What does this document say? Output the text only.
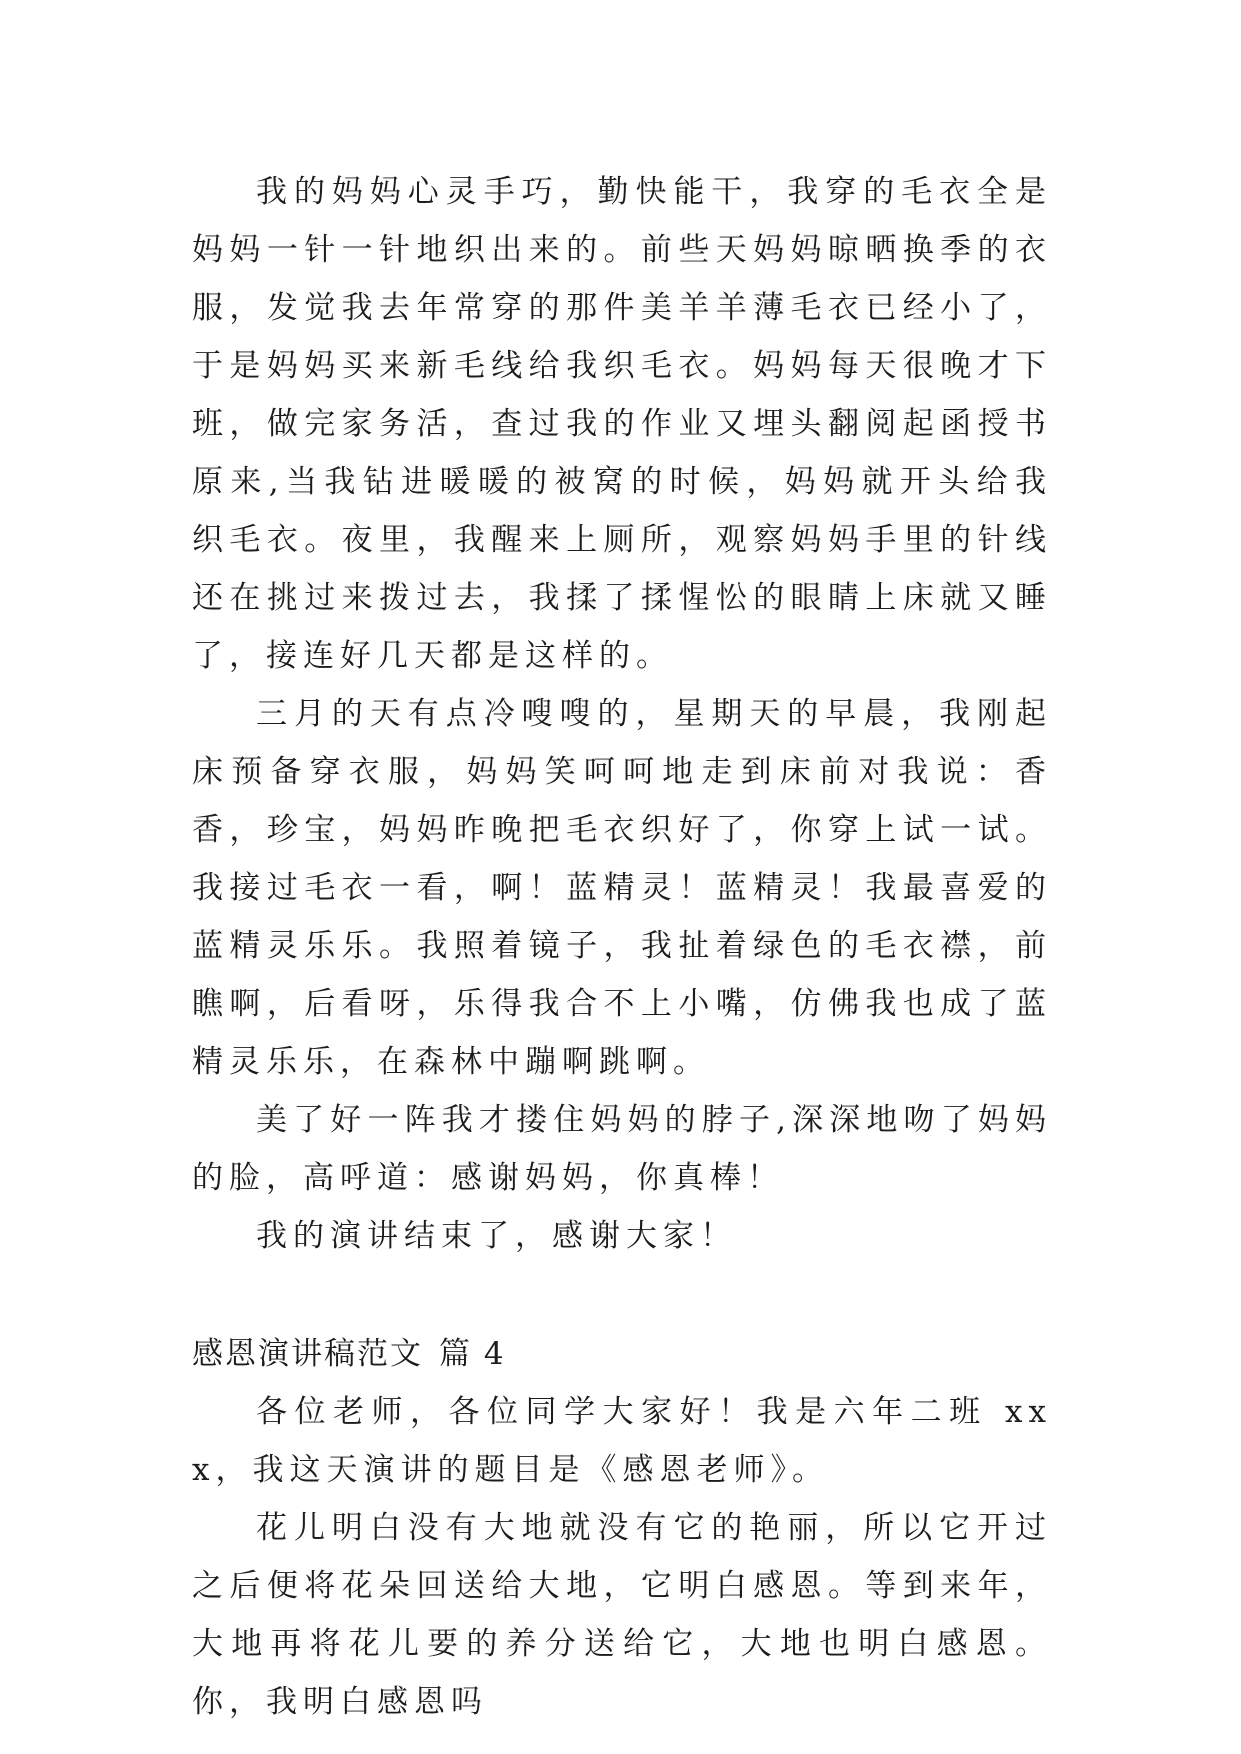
我的妈妈心灵手巧，勤快能干，我穿的毛衣全是妈妈一针一针地织出来的。前些天妈妈晾晒换季的衣服，发觉我去年常穿的那件美羊羊薄毛衣已经小了，于是妈妈买来新毛线给我织毛衣。妈妈每天很晚才下班，做完家务活，查过我的作业又埋头翻阅起函授书原来,当我钻进暖暖的被窝的时候，妈妈就开头给我织毛衣。夜里，我醒来上厕所，观察妈妈手里的针线还在挑过来拨过去，我揉了揉惺忪的眼睛上床就又睡了，接连好几天都是这样的。

三月的天有点冷嗖嗖的，星期天的早晨，我刚起床预备穿衣服，妈妈笑呵呵地走到床前对我说：香香，珍宝，妈妈昨晚把毛衣织好了，你穿上试一试。我接过毛衣一看，啊！蓝精灵！蓝精灵！我最喜爱的蓝精灵乐乐。我照着镜子，我扯着绿色的毛衣襟，前瞧啊，后看呀，乐得我合不上小嘴，仿佛我也成了蓝精灵乐乐，在森林中蹦啊跳啊。

美了好一阵我才搂住妈妈的脖子,深深地吻了妈妈的脸，高呼道：感谢妈妈，你真棒！

我的演讲结束了，感谢大家！

感恩演讲稿范文 篇 4

各位老师，各位同学大家好！我是六年二班 xxx，我这天演讲的题目是《感恩老师》。

花儿明白没有大地就没有它的艳丽，所以它开过之后便将花朵回送给大地，它明白感恩。等到来年，大地再将花儿要的养分送给它，大地也明白感恩。你，我明白感恩吗
